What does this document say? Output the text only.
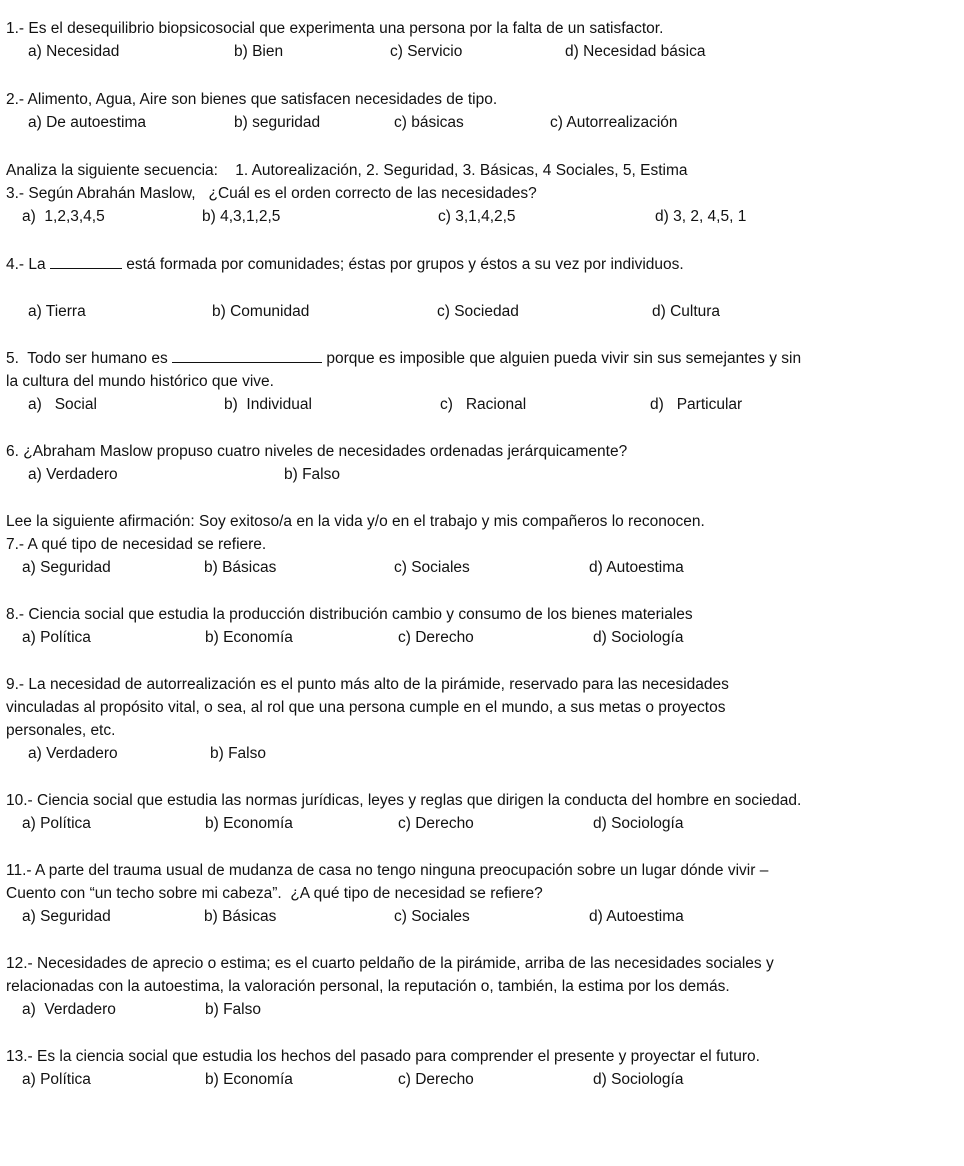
1.- Es el desequilibrio biopsicosocial que experimenta una persona por la falta de un satisfactor.
a) Necesidad	b) Bien	c) Servicio	d) Necesidad básica
2.- Alimento, Agua, Aire son bienes que satisfacen necesidades de tipo.
a) De autoestima	b) seguridad	c) básicas	c) Autorrealización
Analiza la siguiente secuencia:    1. Autorealización, 2. Seguridad, 3. Básicas, 4 Sociales, 5, Estima
3.- Según Abrahán Maslow,   ¿Cuál es el orden correcto de las necesidades?
a)  1,2,3,4,5	b) 4,3,1,2,5	c) 3,1,4,2,5	d) 3, 2, 4,5, 1
4.- La	está formada por comunidades; éstas por grupos y éstos a su vez por individuos.
a) Tierra	b) Comunidad	c) Sociedad	d) Cultura
5.  Todo ser humano es	porque es imposible que alguien pueda vivir sin sus semejantes y sin
la cultura del mundo histórico que vive.
a)   Social	b)  Individual	c)   Racional	d)   Particular
6. ¿Abraham Maslow propuso cuatro niveles de necesidades ordenadas jerárquicamente?
a) Verdadero	b) Falso
Lee la siguiente afirmación: Soy exitoso/a en la vida y/o en el trabajo y mis compañeros lo reconocen.
7.- A qué tipo de necesidad se refiere.
a) Seguridad	b) Básicas	c) Sociales	d) Autoestima
8.- Ciencia social que estudia la producción distribución cambio y consumo de los bienes materiales
a) Política	b) Economía	c) Derecho	d) Sociología
9.- La necesidad de autorrealización es el punto más alto de la pirámide, reservado para las necesidades
vinculadas al propósito vital, o sea, al rol que una persona cumple en el mundo, a sus metas o proyectos
personales, etc.
a) Verdadero	b) Falso
10.- Ciencia social que estudia las normas jurídicas, leyes y reglas que dirigen la conducta del hombre en sociedad.
a) Política	b) Economía	c) Derecho	d) Sociología
11.- A parte del trauma usual de mudanza de casa no tengo ninguna preocupación sobre un lugar dónde vivir –
Cuento con “un techo sobre mi cabeza”.  ¿A qué tipo de necesidad se refiere?
a) Seguridad	b) Básicas	c) Sociales	d) Autoestima
12.- Necesidades de aprecio o estima; es el cuarto peldaño de la pirámide, arriba de las necesidades sociales y
relacionadas con la autoestima, la valoración personal, la reputación o, también, la estima por los demás.
a)  Verdadero	b) Falso
13.- Es la ciencia social que estudia los hechos del pasado para comprender el presente y proyectar el futuro.
a) Política	b) Economía	c) Derecho	d) Sociología
